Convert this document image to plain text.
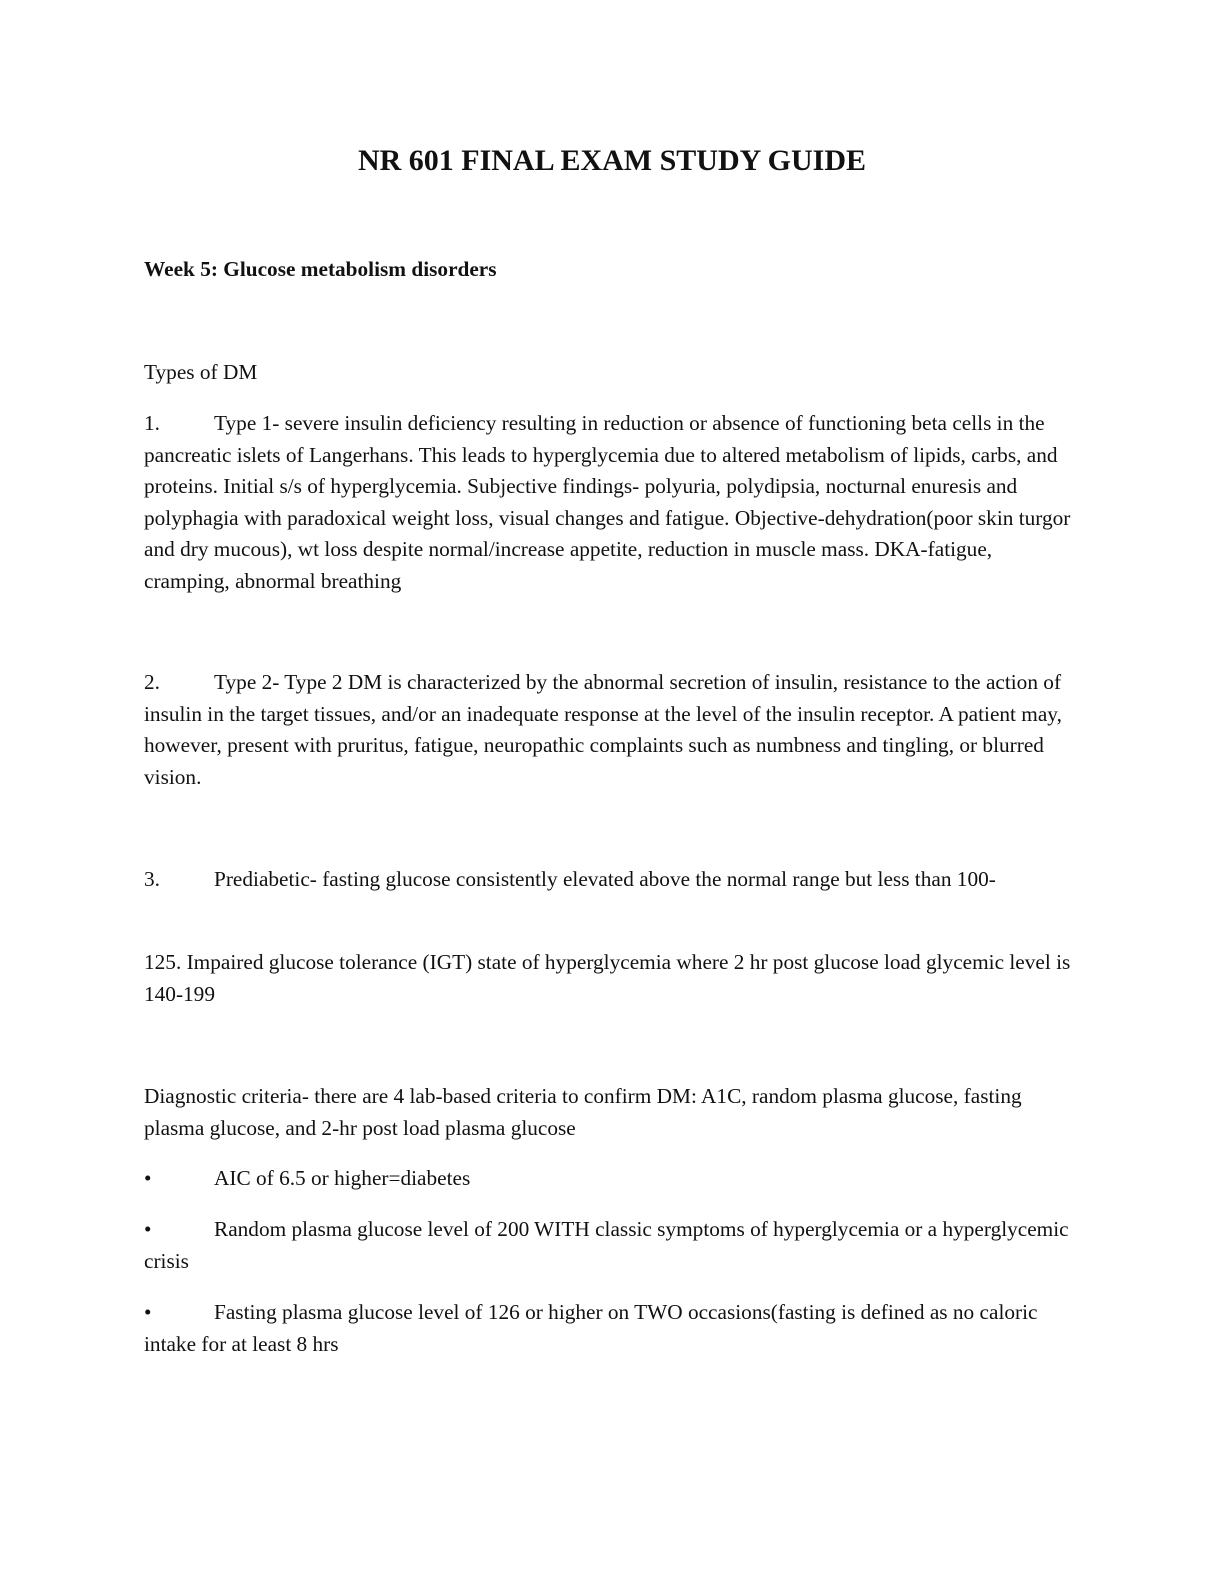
NR 601 FINAL EXAM STUDY GUIDE

Week 5: Glucose metabolism disorders

Types of DM

1.	Type 1- severe insulin deficiency resulting in reduction or absence of functioning beta cells in the pancreatic islets of Langerhans. This leads to hyperglycemia due to altered metabolism of lipids, carbs, and proteins. Initial s/s of hyperglycemia. Subjective findings- polyuria, polydipsia, nocturnal enuresis and polyphagia with paradoxical weight loss, visual changes and fatigue. Objective-dehydration(poor skin turgor and dry mucous), wt loss despite normal/increase appetite, reduction in muscle mass. DKA-fatigue, cramping, abnormal breathing

2.	Type 2- Type 2 DM is characterized by the abnormal secretion of insulin, resistance to the action of insulin in the target tissues, and/or an inadequate response at the level of the insulin receptor. A patient may, however, present with pruritus, fatigue, neuropathic complaints such as numbness and tingling, or blurred vision.

3.	Prediabetic- fasting glucose consistently elevated above the normal range but less than 100-

125. Impaired glucose tolerance (IGT) state of hyperglycemia where 2 hr post glucose load glycemic level is 140-199

Diagnostic criteria- there are 4 lab-based criteria to confirm DM: A1C, random plasma glucose, fasting plasma glucose, and 2-hr post load plasma glucose

•	AIC of 6.5 or higher=diabetes

•	Random plasma glucose level of 200 WITH classic symptoms of hyperglycemia or a hyperglycemic crisis

•	Fasting plasma glucose level of 126 or higher on TWO occasions(fasting is defined as no caloric intake for at least 8 hrs
